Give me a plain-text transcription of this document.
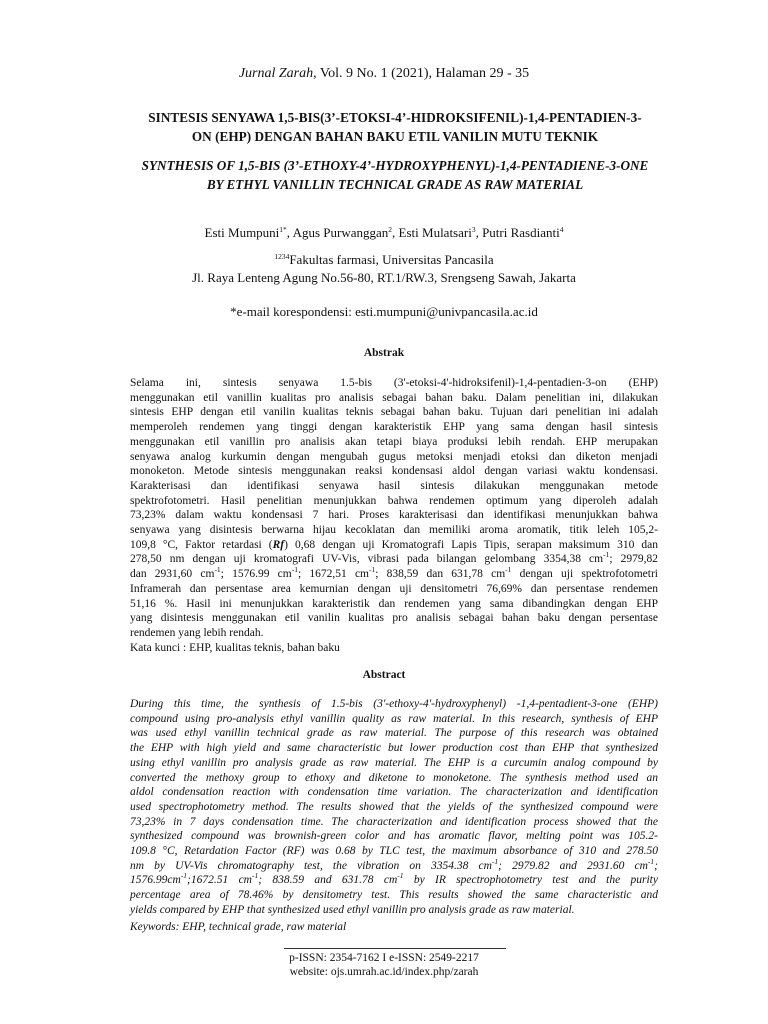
Jurnal Zarah, Vol. 9 No. 1 (2021), Halaman 29 - 35
SINTESIS SENYAWA 1,5-BIS(3’-ETOKSI-4’-HIDROKSIFENIL)-1,4-PENTADIEN-3-
ON (EHP) DENGAN BAHAN BAKU ETIL VANILIN MUTU TEKNIK
SYNTHESIS OF 1,5-BIS (3’-ETHOXY-4’-HYDROXYPHENYL)-1,4-PENTADIENE-3-ONE
BY ETHYL VANILLIN TECHNICAL GRADE AS RAW MATERIAL
Esti Mumpuni$^{1*}$, Agus Purwanggan$^2$, Esti Mulatsari$^3$, Putri Rasdianti$^4$
$^{1234}$Fakultas farmasi, Universitas Pancasila
Jl. Raya Lenteng Agung No.56-80, RT.1/RW.3, Srengseng Sawah, Jakarta
*e-mail korespondensi: esti.mumpuni@univpancasila.ac.id
Abstrak
Selama ini, sintesis senyawa 1.5-bis (3'-etoksi-4'-hidroksifenil)-1,4-pentadien-3-on (EHP)
menggunakan etil vanillin kualitas pro analisis sebagai bahan baku. Dalam penelitian ini, dilakukan
sintesis EHP dengan etil vanilin kualitas teknis sebagai bahan baku. Tujuan dari penelitian ini adalah
memperoleh rendemen yang tinggi dengan karakteristik EHP yang sama dengan hasil sintesis
menggunakan etil vanillin pro analisis akan tetapi biaya produksi lebih rendah. EHP merupakan
senyawa analog kurkumin dengan mengubah gugus metoksi menjadi etoksi dan diketon menjadi
monoketon. Metode sintesis menggunakan reaksi kondensasi aldol dengan variasi waktu kondensasi.
Karakterisasi dan identifikasi senyawa hasil sintesis dilakukan menggunakan metode
spektrofotometri. Hasil penelitian menunjukkan bahwa rendemen optimum yang diperoleh adalah
73,23% dalam waktu kondensasi 7 hari. Proses karakterisasi dan identifikasi menunjukkan bahwa
senyawa yang disintesis berwarna hijau kecoklatan dan memiliki aroma aromatik, titik leleh 105,2-
109,8 °C, Faktor retardasi (Rf) 0,68 dengan uji Kromatografi Lapis Tipis, serapan maksimum 310 dan
278,50 nm dengan uji kromatografi UV-Vis, vibrasi pada bilangan gelombang 3354,38 $cm^{-1}$; 2979,82
dan 2931,60 $cm^{-1}$; 1576.99 $cm^{-1}$; 1672,51 $cm^{-1}$; 838,59 dan 631,78 $cm^{-1}$ dengan uji spektrofotometri
Inframerah dan persentase area kemurnian dengan uji densitometri 76,69% dan persentase rendemen
51,16 %. Hasil ini menunjukkan karakteristik dan rendemen yang sama dibandingkan dengan EHP
yang disintesis menggunakan etil vanilin kualitas pro analisis sebagai bahan baku dengan persentase
rendemen yang lebih rendah.
Kata kunci : EHP, kualitas teknis, bahan baku
Abstract
During this time, the synthesis of 1.5-bis (3'-ethoxy-4'-hydroxyphenyl) -1,4-pentadient-3-one (EHP)
compound using pro-analysis ethyl vanillin quality as raw material. In this research, synthesis of EHP
was used ethyl vanillin technical grade as raw material. The purpose of this research was obtained
the EHP with high yield and same characteristic but lower production cost than EHP that synthesized
using ethyl vanillin pro analysis grade as raw material. The EHP is a curcumin analog compound by
converted the methoxy group to ethoxy and diketone to monoketone. The synthesis method used an
aldol condensation reaction with condensation time variation. The characterization and identification
used spectrophotometry method. The results showed that the yields of the synthesized compound were
73,23% in 7 days condensation time. The characterization and identification process showed that the
synthesized compound was brownish-green color and has aromatic flavor, melting point was 105.2-
109.8 °C, Retardation Factor (RF) was 0.68 by TLC test, the maximum absorbance of 310 and 278.50
nm by UV-Vis chromatography test, the vibration on 3354.38 $cm^{-1}$; 2979.82 and 2931.60 $cm^{-1}$;
$1576.99cm^{-1};1672.51$ $cm^{-1}$; 838.59 and 631.78 $cm^{-1}$ by IR spectrophotometry test and the purity
percentage area of 78.46% by densitometry test. This results showed the same characteristic and
yields compared by EHP that synthesized used ethyl vanillin pro analysis grade as raw material.
Keywords: EHP, technical grade, raw material
p-ISSN: 2354-7162 I e-ISSN: 2549-2217
website: ojs.umrah.ac.id/index.php/zarah
